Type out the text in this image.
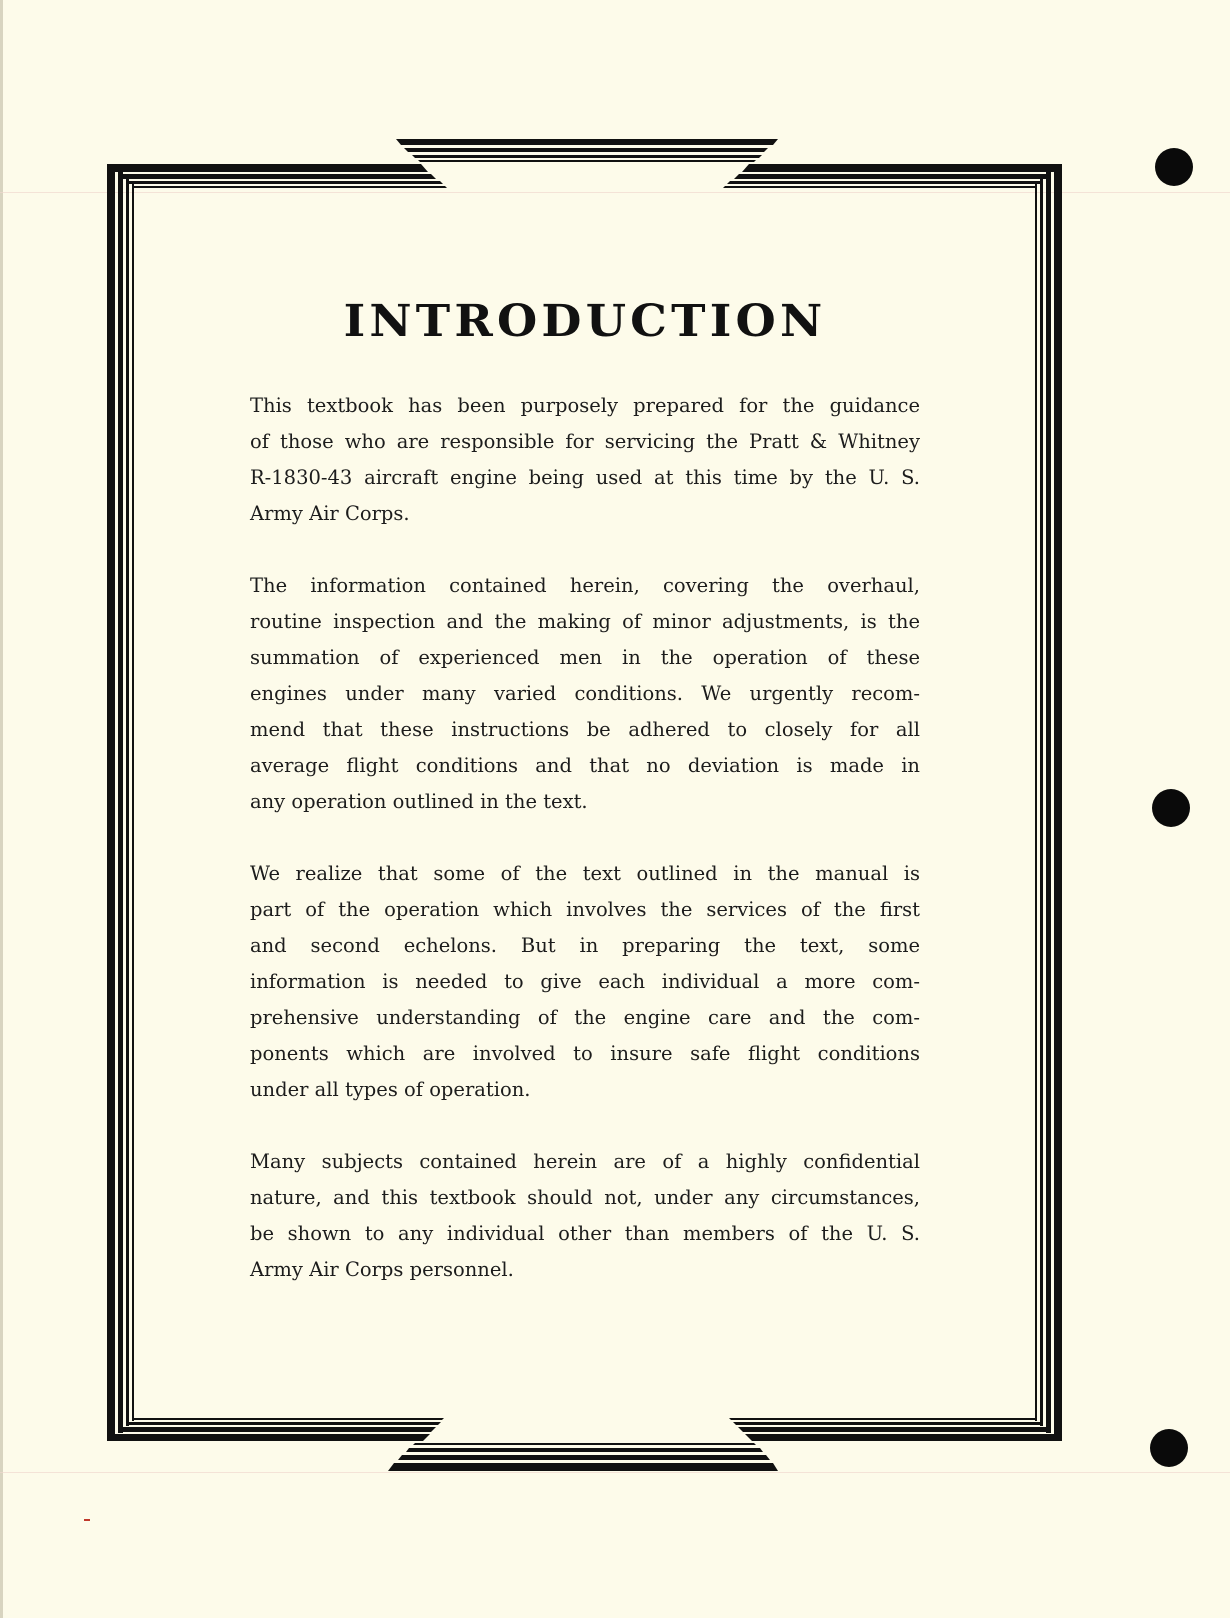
INTRODUCTION
This textbook has been purposely prepared for the guidance
of those who are responsible for servicing the Pratt & Whitney
R-1830-43 aircraft engine being used at this time by the U. S.
Army Air Corps.
The information contained herein, covering the overhaul,
routine inspection and the making of minor adjustments, is the
summation of experienced men in the operation of these
engines under many varied conditions. We urgently recom-
mend that these instructions be adhered to closely for all
average flight conditions and that no deviation is made in
any operation outlined in the text.
We realize that some of the text outlined in the manual is
part of the operation which involves the services of the first
and second echelons. But in preparing the text, some
information is needed to give each individual a more com-
prehensive understanding of the engine care and the com-
ponents which are involved to insure safe flight conditions
under all types of operation.
Many subjects contained herein are of a highly confidential
nature, and this textbook should not, under any circumstances,
be shown to any individual other than members of the U. S.
Army Air Corps personnel.
